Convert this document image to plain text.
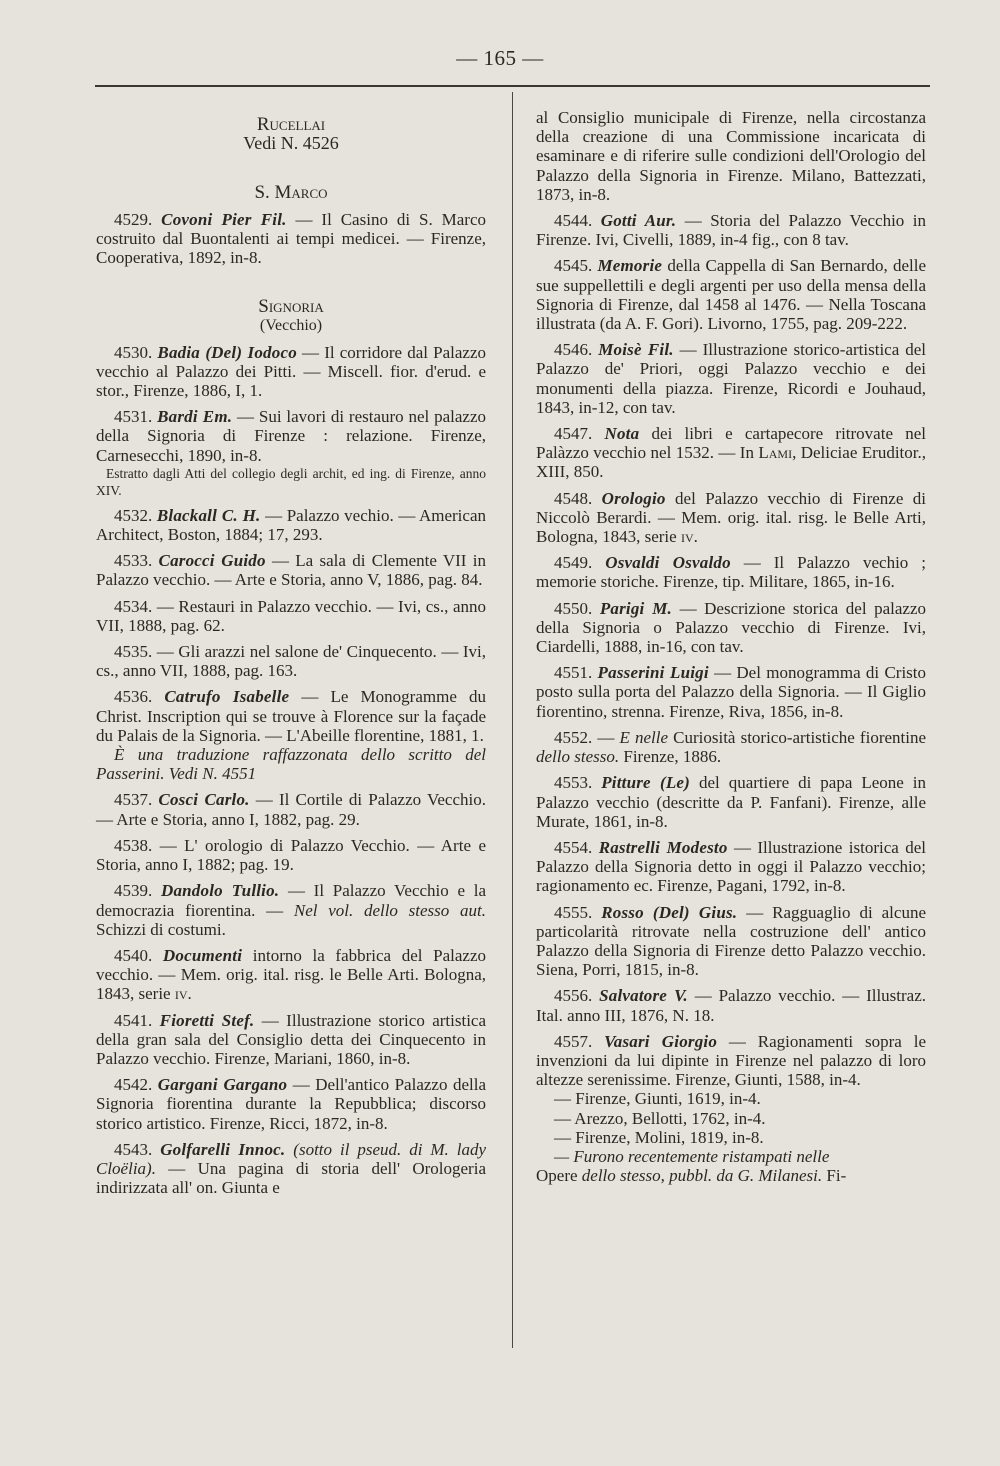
— 165 —

Rucellai

Vedi N. 4526

S. Marco

4529. Covoni Pier Fil. — Il Casino di S. Marco costruito dal Buontalenti ai tempi medicei. — Firenze, Cooperativa, 1892, in-8.

Signoria

(Vecchio)

4530. Badia (Del) Iodoco — Il corridore dal Palazzo vecchio al Palazzo dei Pitti. — Miscell. fior. d'erud. e stor., Firenze, 1886, I, 1.

4531. Bardi Em. — Sui lavori di restauro nel palazzo della Signoria di Firenze : relazione. Firenze, Carnesecchi, 1890, in-8.

Estratto dagli Atti del collegio degli archit, ed ing. di Firenze, anno XIV.

4532. Blackall C. H. — Palazzo vechio. — American Architect, Boston, 1884; 17, 293.

4533. Carocci Guido — La sala di Clemente VII in Palazzo vecchio. — Arte e Storia, anno V, 1886, pag. 84.

4534. — Restauri in Palazzo vecchio. — Ivi, cs., anno VII, 1888, pag. 62.

4535. — Gli arazzi nel salone de' Cinquecento. — Ivi, cs., anno VII, 1888, pag. 163.

4536. Catrufo Isabelle — Le Monogramme du Christ. Inscription qui se trouve à Florence sur la façade du Palais de la Signoria. — L'Abeille florentine, 1881, 1.

È una traduzione raffazzonata dello scritto del Passerini. Vedi N. 4551

4537. Cosci Carlo. — Il Cortile di Palazzo Vecchio. — Arte e Storia, anno I, 1882, pag. 29.

4538. — L' orologio di Palazzo Vecchio. — Arte e Storia, anno I, 1882; pag. 19.

4539. Dandolo Tullio. — Il Palazzo Vecchio e la democrazia fiorentina. — Nel vol. dello stesso aut. Schizzi di costumi.

4540. Documenti intorno la fabbrica del Palazzo vecchio. — Mem. orig. ital. risg. le Belle Arti. Bologna, 1843, serie iv.

4541. Fioretti Stef. — Illustrazione storico artistica della gran sala del Consiglio detta dei Cinquecento in Palazzo vecchio. Firenze, Mariani, 1860, in-8.

4542. Gargani Gargano — Dell'antico Palazzo della Signoria fiorentina durante la Repubblica; discorso storico artistico. Firenze, Ricci, 1872, in-8.

4543. Golfarelli Innoc. (sotto il pseud. di M. lady Cloëlia). — Una pagina di storia dell' Orologeria indirizzata all' on. Giunta e

al Consiglio municipale di Firenze, nella circostanza della creazione di una Commissione incaricata di esaminare e di riferire sulle condizioni dell'Orologio del Palazzo della Signoria in Firenze. Milano, Battezzati, 1873, in-8.

4544. Gotti Aur. — Storia del Palazzo Vecchio in Firenze. Ivi, Civelli, 1889, in-4 fig., con 8 tav.

4545. Memorie della Cappella di San Bernardo, delle sue suppellettili e degli argenti per uso della mensa della Signoria di Firenze, dal 1458 al 1476. — Nella Toscana illustrata (da A. F. Gori). Livorno, 1755, pag. 209-222.

4546. Moisè Fil. — Illustrazione storico-artistica del Palazzo de' Priori, oggi Palazzo vecchio e dei monumenti della piazza. Firenze, Ricordi e Jouhaud, 1843, in-12, con tav.

4547. Nota dei libri e cartapecore ritrovate nel Palàzzo vecchio nel 1532. — In Lami, Deliciae Eruditor., XIII, 850.

4548. Orologio del Palazzo vecchio di Firenze di Niccolò Berardi. — Mem. orig. ital. risg. le Belle Arti, Bologna, 1843, serie iv.

4549. Osvaldi Osvaldo — Il Palazzo vechio ; memorie storiche. Firenze, tip. Militare, 1865, in-16.

4550. Parigi M. — Descrizione storica del palazzo della Signoria o Palazzo vecchio di Firenze. Ivi, Ciardelli, 1888, in-16, con tav.

4551. Passerini Luigi — Del monogramma di Cristo posto sulla porta del Palazzo della Signoria. — Il Giglio fiorentino, strenna. Firenze, Riva, 1856, in-8.

4552. — E nelle Curiosità storico-artistiche fiorentine dello stesso. Firenze, 1886.

4553. Pitture (Le) del quartiere di papa Leone in Palazzo vecchio (descritte da P. Fanfani). Firenze, alle Murate, 1861, in-8.

4554. Rastrelli Modesto — Illustrazione istorica del Palazzo della Signoria detto in oggi il Palazzo vecchio; ragionamento ec. Firenze, Pagani, 1792, in-8.

4555. Rosso (Del) Gius. — Ragguaglio di alcune particolarità ritrovate nella costruzione dell' antico Palazzo della Signoria di Firenze detto Palazzo vecchio. Siena, Porri, 1815, in-8.

4556. Salvatore V. — Palazzo vecchio. — Illustraz. Ital. anno III, 1876, N. 18.

4557. Vasari Giorgio — Ragionamenti sopra le invenzioni da lui dipinte in Firenze nel palazzo di loro altezze serenissime. Firenze, Giunti, 1588, in-4.

— Firenze, Giunti, 1619, in-4.

— Arezzo, Bellotti, 1762, in-4.

— Firenze, Molini, 1819, in-8.

— Furono recentemente ristampati nelle

Opere dello stesso, pubbl. da G. Milanesi. Fi-
